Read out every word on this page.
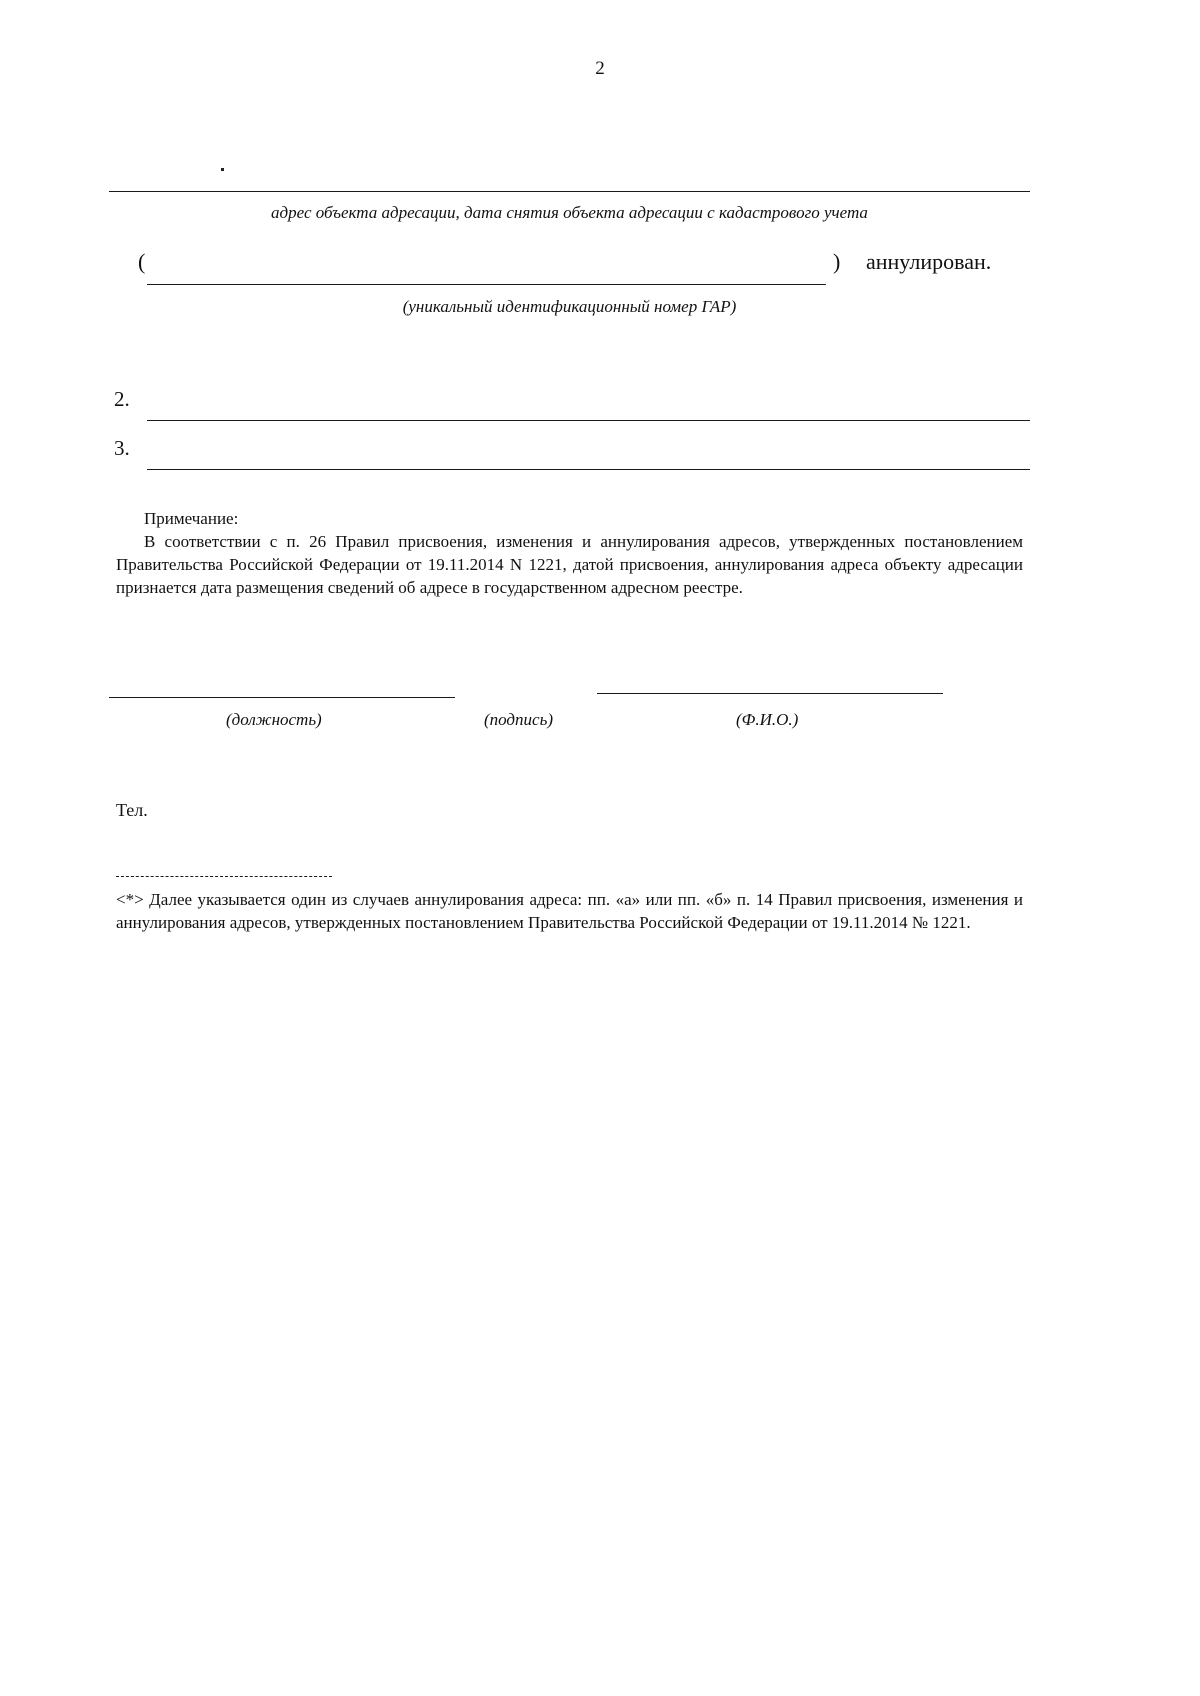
2
адрес объекта адресации, дата снятия объекта адресации с кадастрового учета
(	) аннулирован.
(уникальный идентификационный номер ГАР)
2.
3.
Примечание:
В соответствии с п. 26 Правил присвоения, изменения и аннулирования адресов, утвержденных постановлением Правительства Российской Федерации от 19.11.2014 N 1221, датой присвоения, аннулирования адреса объекту адресации признается дата размещения сведений об адресе в государственном адресном реестре.
(должность)	(подпись)	(Ф.И.О.)
Тел.
<*> Далее указывается один из случаев аннулирования адреса: пп. «а» или пп. «б» п. 14 Правил присвоения, изменения и аннулирования адресов, утвержденных постановлением Правительства Российской Федерации от 19.11.2014 № 1221.
